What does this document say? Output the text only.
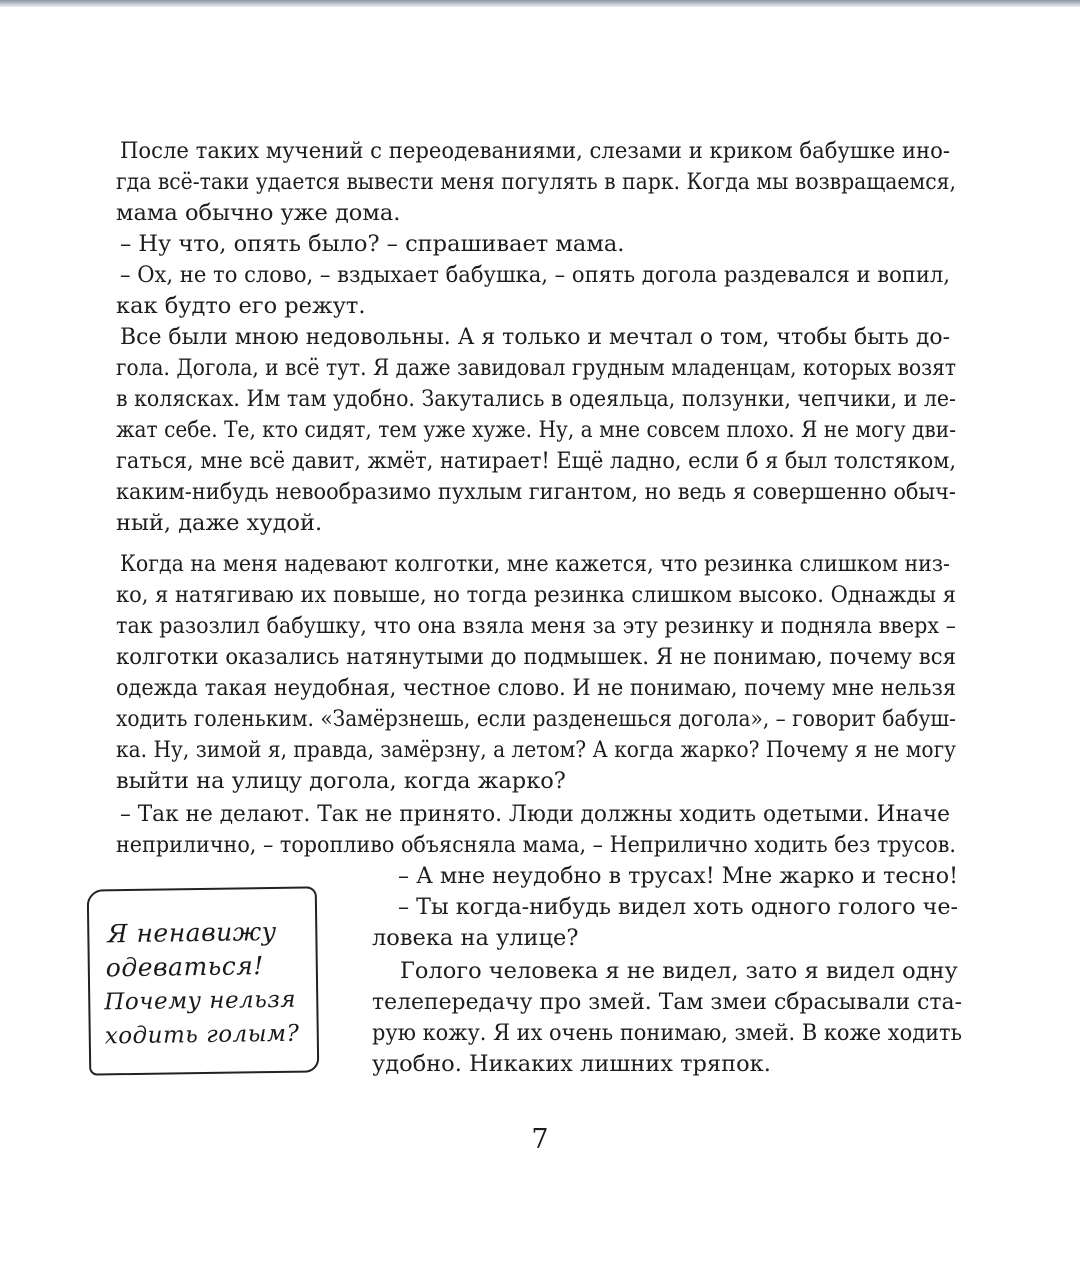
После таких мучений с переодеваниями, слезами и криком бабушке ино-

гда всё-таки удается вывести меня погулять в парк. Когда мы возвращаемся,

мама обычно уже дома.

– Ну что, опять было? – спрашивает мама.

– Ох, не то слово, – вздыхает бабушка, – опять догола раздевался и вопил,

как будто его режут.

Все были мною недовольны. А я только и мечтал о том, чтобы быть до-

гола. Догола, и всё тут. Я даже завидовал грудным младенцам, которых возят

в колясках. Им там удобно. Закутались в одеяльца, ползунки, чепчики, и ле-

жат себе. Те, кто сидят, тем уже хуже. Ну, а мне совсем плохо. Я не могу дви-

гаться, мне всё давит, жмёт, натирает! Ещё ладно, если б я был толстяком,

каким-нибудь невообразимо пухлым гигантом, но ведь я совершенно обыч-

ный, даже худой.

Когда на меня надевают колготки, мне кажется, что резинка слишком низ-

ко, я натягиваю их повыше, но тогда резинка слишком высоко. Однажды я

так разозлил бабушку, что она взяла меня за эту резинку и подняла вверх –

колготки оказались натянутыми до подмышек. Я не понимаю, почему вся

одежда такая неудобная, честное слово. И не понимаю, почему мне нельзя

ходить голеньким. «Замёрзнешь, если разденешься догола», – говорит бабуш-

ка. Ну, зимой я, правда, замёрзну, а летом? А когда жарко? Почему я не могу

выйти на улицу догола, когда жарко?

– Так не делают. Так не принято. Люди должны ходить одетыми. Иначе

неприлично, – торопливо объясняла мама, – Неприлично ходить без трусов.

– А мне неудобно в трусах! Мне жарко и тесно!

– Ты когда-нибудь видел хоть одного голого че-

ловека на улице?

Голого человека я не видел, зато я видел одну

телепередачу про змей. Там змеи сбрасывали ста-

рую кожу. Я их очень понимаю, змей. В коже ходить

удобно. Никаких лишних тряпок.

Я ненавижу

одеваться!

Почему нельзя

ходить голым?

7
